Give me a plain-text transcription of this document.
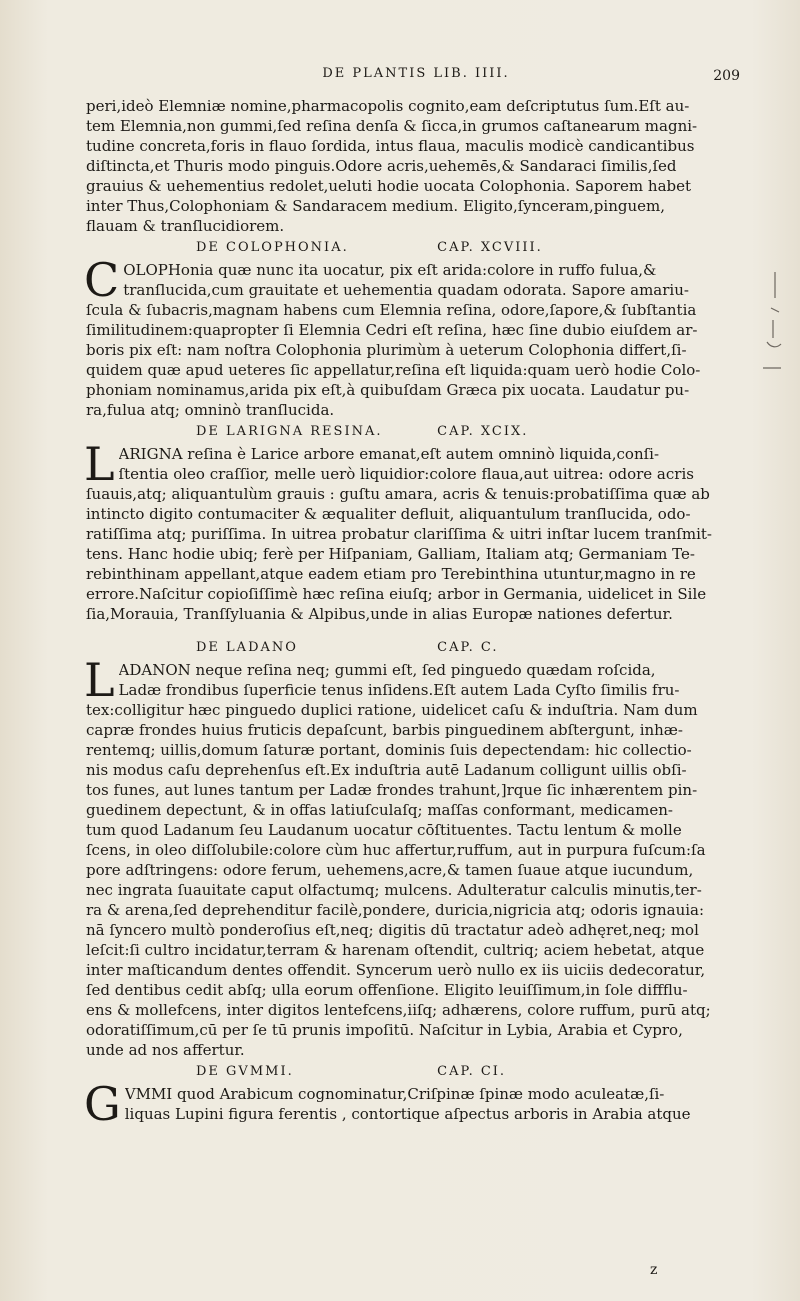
DE PLANTIS LIB. IIII.	209
peri,ideò Elemniæ nomine,pharmacopolis cognito,eam deſcriptutus ſum.Eſt au-
tem Elemnia,non gummi,ſed reſina denſa & ſicca,in grumos caſtanearum magni-
tudine concreta,foris in flauo ſordida, intus flaua, maculis modicè candicantibus
diſtincta,et Thuris modo pinguis.Odore acris,uehemēs,& Sandaraci ſimilis,ſed
grauius & uehementius redolet,ueluti hodie uocata Colophonia. Saporem habet
inter Thus,Colophoniam & Sandaracem medium. Eligito,ſynceram,pinguem,
flauam & tranſlucidiorem.
DE COLOPHONIA.	CAP. XCVIII.
C OLOPHonia quæ nunc ita uocatur, pix eſt arida:colore in ruffo fulua,&
tranſlucida,cum grauitate et uehementia quadam odorata. Sapore amariu-
ſcula & ſubacris,magnam habens cum Elemnia reſina, odore,ſapore,& ſubſtantia
ſimilitudinem:quapropter ſi Elemnia Cedri eſt reſina, hæc ſine dubio eiuſdem ar-
boris pix eſt: nam noſtra Colophonia plurimùm à ueterum Colophonia differt,ſi-
quidem quæ apud ueteres ſic appellatur,reſina eſt liquida:quam uerò hodie Colo-
phoniam nominamus,arida pix eſt,à quibuſdam Græca pix uocata. Laudatur pu-
ra,fulua atq; omninò tranſlucida.
DE LARIGNA RESINA.	CAP. XCIX.
L ARIGNA reſina è Larice arbore emanat,eſt autem omninò liquida,conſi-
ſtentia oleo craſſior, melle uerò liquidior:colore flaua,aut uitrea: odore acris
ſuauis,atq; aliquantulùm grauis : guſtu amara, acris & tenuis:probatiſſima quæ ab
intincto digito contumaciter & æqualiter defluit, aliquantulum tranſlucida, odo-
ratiſſima atq; puriſſima. In uitrea probatur clariſſima & uitri inſtar lucem tranſmit-
tens. Hanc hodie ubiq; ferè per Hiſpaniam, Galliam, Italiam atq; Germaniam Te-
rebinthinam appellant,atque eadem etiam pro Terebinthina utuntur,magno in re
errore.Naſcitur copioſiſſimè hæc reſina eiuſq; arbor in Germania, uidelicet in Sile
ſia,Morauia, Tranſſyluania & Alpibus,unde in alias Europæ nationes defertur.
DE LADANO	CAP. C.
L ADANON neque reſina neq; gummi eſt, ſed pinguedo quædam roſcida,
Ladæ frondibus ſuperficie tenus inſidens.Eſt autem Lada Cyſto ſimilis fru-
tex:colligitur hæc pinguedo duplici ratione, uidelicet caſu & induſtria. Nam dum
capræ frondes huius fruticis depaſcunt, barbis pinguedinem abſtergunt, inhæ-
rentemq; uillis,domum ſaturæ portant, dominis ſuis depectendam: hic collectio-
nis modus caſu deprehenſus eſt.Ex induſtria autē Ladanum colligunt uillis obſi-
tos funes, aut lunes tantum per Ladæ frondes trahunt,]rque ſic inhærentem pin-
guedinem depectunt, & in offas latiuſculaſq; maſſas conformant, medicamen-
tum quod Ladanum ſeu Laudanum uocatur cōſtituentes. Tactu lentum & molle
ſcens, in oleo diſſolubile:colore cùm huc affertur,ruffum, aut in purpura fuſcum:ſa
pore adſtringens: odore ferum, uehemens,acre,& tamen ſuaue atque iucundum,
nec ingrata ſuauitate caput olfactumq; mulcens. Adulteratur calculis minutis,ter-
ra & arena,ſed deprehenditur facilè,pondere, duricia,nigricia atq; odoris ignauia:
nā ſyncero multò ponderoſius eſt,neq; digitis dū tractatur adeò adhęret,neq; mol
leſcit:ſi cultro incidatur,terram & harenam oſtendit, cultriq; aciem hebetat, atque
inter maſticandum dentes offendit. Syncerum uerò nullo ex iis uiciis dedecoratur,
ſed dentibus cedit abſq; ulla eorum offenſione. Eligito leuiſſimum,in ſole diffflu-
ens & mollefcens, inter digitos lentefcens,iiſq; adhærens, colore ruffum, purū atq;
odoratiſſimum,cū per ſe tū prunis impoſitū. Naſcitur in Lybia, Arabia et Cypro,
unde ad nos affertur.
DE GVMMI.	CAP. CI.
G VMMI quod Arabicum cognominatur,Criſpinæ ſpinæ modo aculeatæ,ſi-
liquas Lupini figura ferentis , contortique aſpectus arboris in Arabia atque
z
